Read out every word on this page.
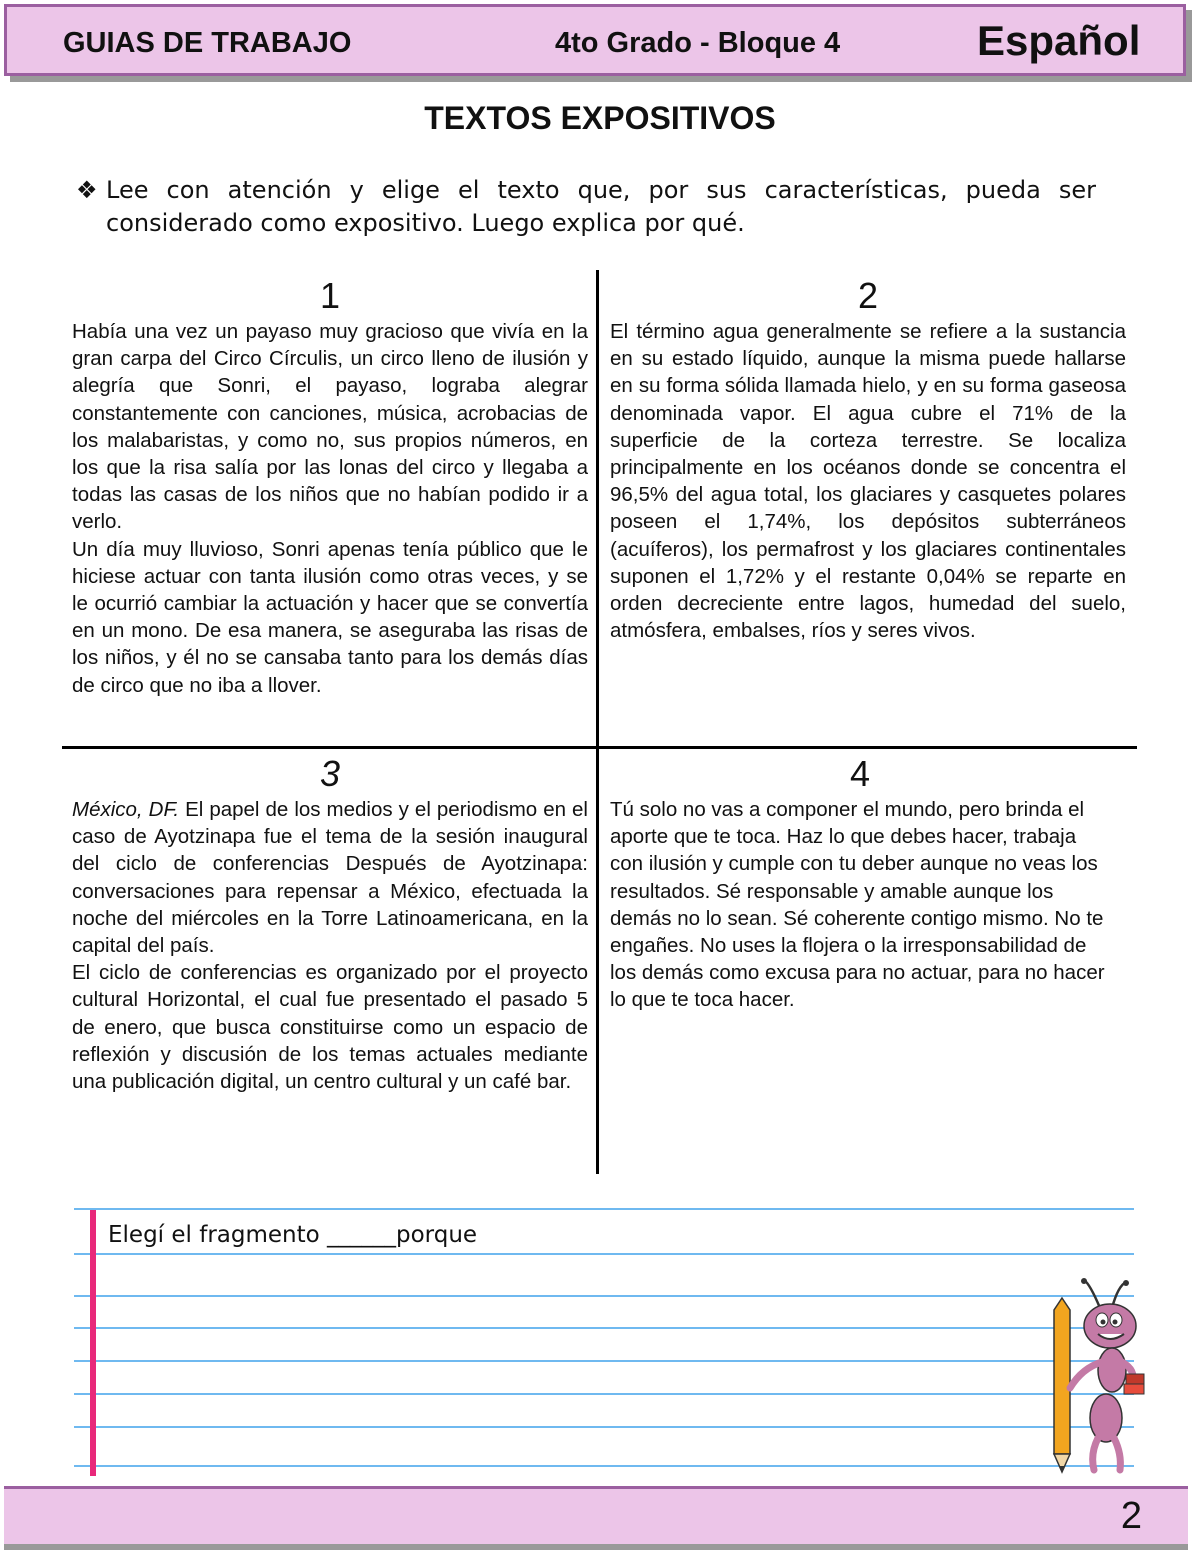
GUIAS DE TRABAJO	4to Grado - Bloque 4	Español
TEXTOS EXPOSITIVOS
❖ Lee con atención y elige el texto que, por sus características, pueda ser considerado como expositivo. Luego explica por qué.
1

Había una vez un payaso muy gracioso que vivía en la gran carpa del Circo Círculis, un circo lleno de ilusión y alegría que Sonri, el payaso, lograba alegrar constantemente con canciones, música, acrobacias de los malabaristas, y como no, sus propios números, en los que la risa salía por las lonas del circo y llegaba a todas las casas de los niños que no habían podido ir a verlo.

Un día muy lluvioso, Sonri apenas tenía público que le hiciese actuar con tanta ilusión como otras veces, y se le ocurrió cambiar la actuación y hacer que se convertía en un mono. De esa manera, se aseguraba las risas de los niños, y él no se cansaba tanto para los demás días de circo que no iba a llover.

2

El término agua generalmente se refiere a la sustancia en su estado líquido, aunque la misma puede hallarse en su forma sólida llamada hielo, y en su forma gaseosa denominada vapor. El agua cubre el 71% de la superficie de la corteza terrestre. Se localiza principalmente en los océanos donde se concentra el 96,5% del agua total, los glaciares y casquetes polares poseen el 1,74%, los depósitos subterráneos (acuíferos), los permafrost y los glaciares continentales suponen el 1,72% y el restante 0,04% se reparte en orden decreciente entre lagos, humedad del suelo, atmósfera, embalses, ríos y seres vivos.

3

México, DF. El papel de los medios y el periodismo en el caso de Ayotzinapa fue el tema de la sesión inaugural del ciclo de conferencias Después de Ayotzinapa: conversaciones para repensar a México, efectuada la noche del miércoles en la Torre Latinoamericana, en la capital del país.

El ciclo de conferencias es organizado por el proyecto cultural Horizontal, el cual fue presentado el pasado 5 de enero, que busca constituirse como un espacio de reflexión y discusión de los temas actuales mediante una publicación digital, un centro cultural y un café bar.

4

Tú solo no vas a componer el mundo, pero brinda el aporte que te toca. Haz lo que debes hacer, trabaja con ilusión y cumple con tu deber aunque no veas los resultados. Sé responsable y amable aunque los demás no lo sean. Sé coherente contigo mismo. No te engañes. No uses la flojera o la irresponsabilidad de los demás como excusa para no actuar, para no hacer lo que te toca hacer.

Elegí el fragmento ______porque
2
